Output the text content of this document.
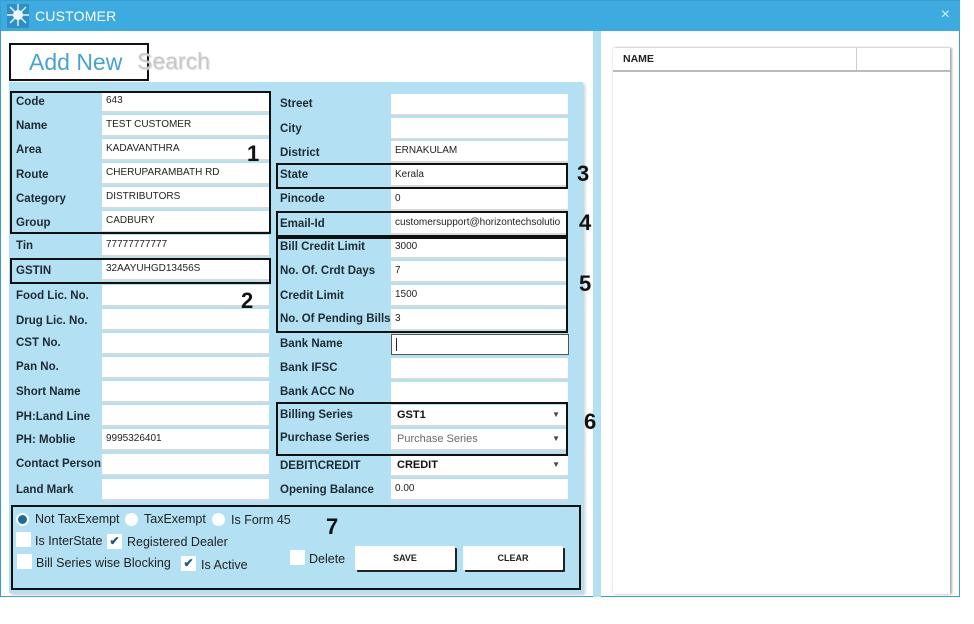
CUSTOMER	×
Add New Search
Code	643
Name	TEST CUSTOMER
Area	KADAVANTHRA
Route	CHERUPARAMBATH RD
Category	DISTRIBUTORS
Group	CADBURY
Tin	77777777777
GSTIN	32AAYUHGD13456S
Food Lic. No.
Drug Lic. No.
CST No.
Pan No.
Short Name
PH:Land Line
PH: Moblie	9995326401
Contact Person
Land Mark
Street
City
District	ERNAKULAM
State	Kerala
Pincode	0
Email-Id	customersupport@horizontechsolutio
Bill Credit Limit	3000
No. Of. Crdt Days	7
Credit Limit	1500
No. Of Pending Bills 3
Bank Name
Bank IFSC
Bank ACC No
Billing Series	GST1	▼
Purchase Series	Purchase Series	▼
DEBIT\CREDIT	CREDIT	▼
Opening Balance	0.00
1
2
3
4
5
6
7
Not TaxExempt TaxExempt Is Form 45
Is InterState ✔ Registered Dealer
Bill Series wise Blocking ✔ Is Active	Delete	SAVE	CLEAR
NAME
